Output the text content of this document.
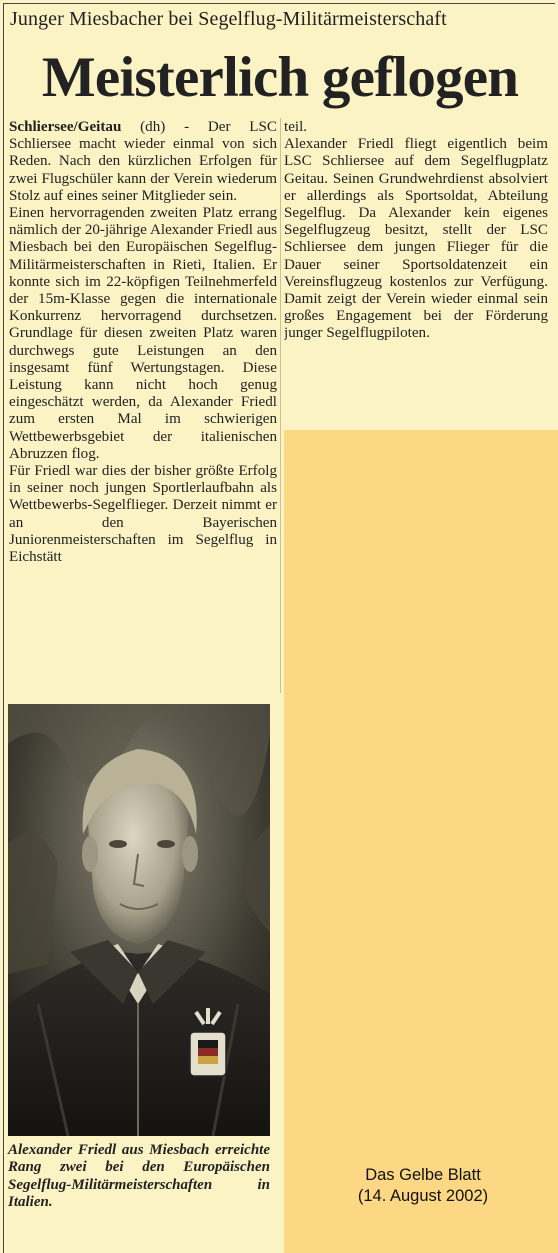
Junger Miesbacher bei Segelflug-Militärmeisterschaft
Meisterlich geflogen

Schliersee/Geitau (dh) - Der LSC Schliersee macht wieder einmal von sich Reden. Nach den kürzlichen Erfolgen für zwei Flugschüler kann der Verein wiederum Stolz auf eines seiner Mitglieder sein.

Einen hervorragenden zweiten Platz errang nämlich der 20-jährige Alexander Friedl aus Miesbach bei den Europäischen Segelflug-Militärmeisterschaften in Rieti, Italien. Er konnte sich im 22-köpfigen Teilnehmerfeld der 15m-Klasse gegen die internationale Konkurrenz hervorragend durchsetzen. Grundlage für diesen zweiten Platz waren durchwegs gute Leistungen an den insgesamt fünf Wertungstagen. Diese Leistung kann nicht hoch genug eingeschätzt werden, da Alexander Friedl zum ersten Mal im schwierigen Wettbewerbsgebiet der italienischen Abruzzen flog.

Für Friedl war dies der bisher größte Erfolg in seiner noch jungen Sportlerlaufbahn als Wettbewerbs-Segelflieger. Derzeit nimmt er an den Bayerischen Juniorenmeisterschaften im Segelflug in Eichstätt

teil.

Alexander Friedl fliegt eigentlich beim LSC Schliersee auf dem Segelflugplatz Geitau. Seinen Grundwehrdienst absolviert er allerdings als Sportsoldat, Abteilung Segelflug. Da Alexander kein eigenes Segelflugzeug besitzt, stellt der LSC Schliersee dem jungen Flieger für die Dauer seiner Sportsoldatenzeit ein Vereinsflugzeug kostenlos zur Verfügung. Damit zeigt der Verein wieder einmal sein großes Engagement bei der Förderung junger Segelflugpiloten.

Alexander Friedl aus Miesbach erreichte Rang zwei bei den Europäischen Segelflug-Militärmeisterschaften in Italien.
Das Gelbe Blatt
(14. August 2002)
